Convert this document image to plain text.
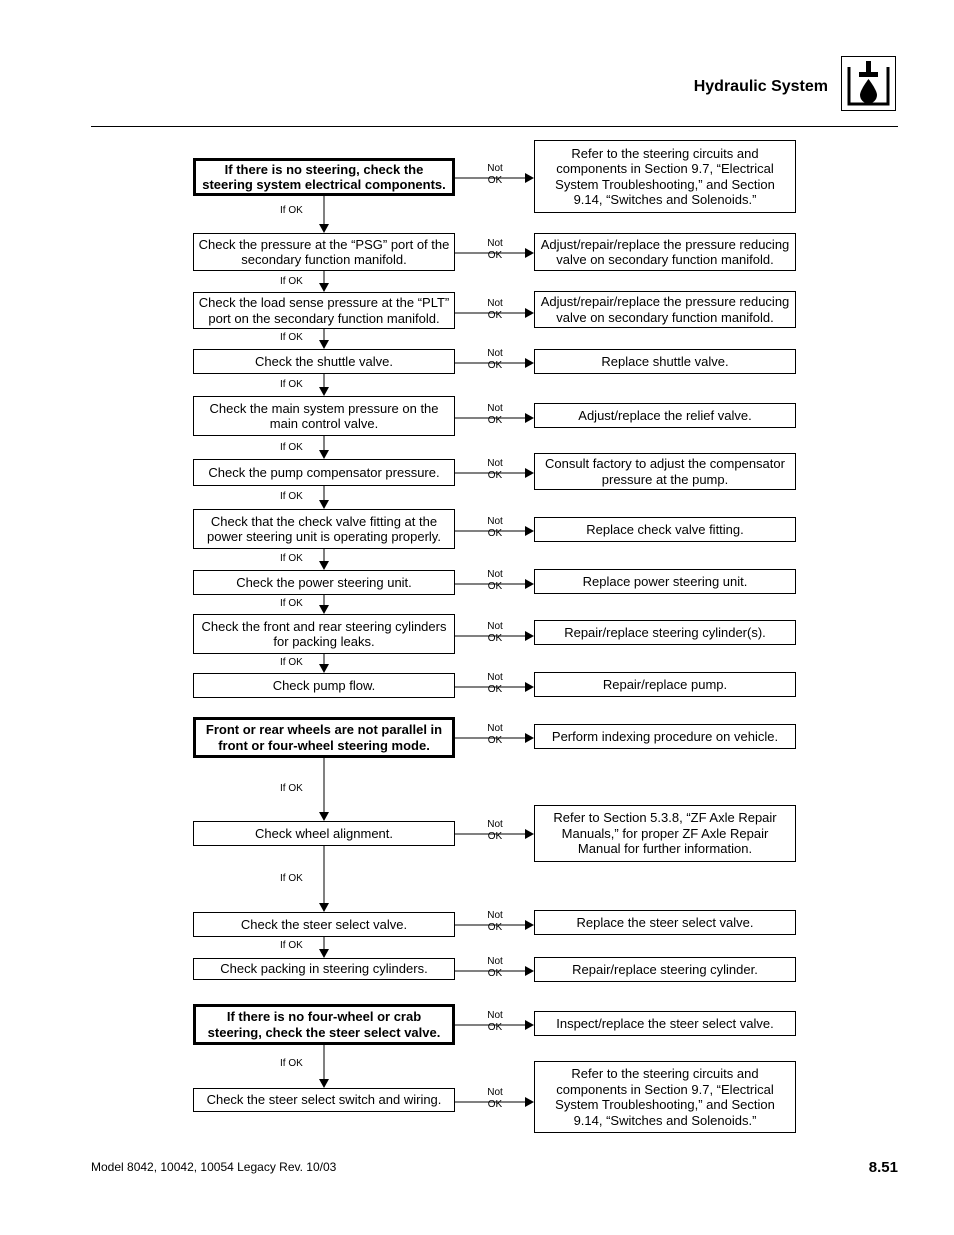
Hydraulic System
If there is no steering, check the steering system electrical components.
Refer to the steering circuits and components in Section 9.7, “Electrical System Troubleshooting,” and Section 9.14, “Switches and Solenoids.”
Not
OK
If OK
Check the pressure at the “PSG” port of the secondary function manifold.
Adjust/repair/replace the pressure reducing valve on secondary function manifold.
Not
OK
If OK
Check the load sense pressure at the “PLT” port on the secondary function manifold.
Adjust/repair/replace the pressure reducing valve on secondary function manifold.
Not
OK
If OK
Check the shuttle valve.	Replace shuttle valve.
Not
OK
If OK
Check the main system pressure on the main control valve.
Adjust/replace the relief valve.
Not
OK
If OK
Check the pump compensator pressure.
Consult factory to adjust the compensator pressure at the pump.
Not
OK
If OK
Check that the check valve fitting at the power steering unit is operating properly.	Replace check valve fitting.
Not
OK
If OK
Check the power steering unit.	Replace power steering unit.
Not
OK
If OK
Check the front and rear steering cylinders for packing leaks.
Repair/replace steering cylinder(s).
Not
OK
If OK
Check pump flow.	Repair/replace pump.
Not
OK
Front or rear wheels are not parallel in front or four-wheel steering mode.
Perform indexing procedure on vehicle.
Not
OK
If OK
Check wheel alignment.
Refer to Section 5.3.8, “ZF Axle Repair Manuals,” for proper ZF Axle Repair Manual for further information.
Not
OK
If OK
Check the steer select valve.	Replace the steer select valve.
Not
OK
If OK
Check packing in steering cylinders.	Repair/replace steering cylinder.
Not
OK
If there is no four-wheel or crab steering, check the steer select valve.
Inspect/replace the steer select valve.
Not
OK
If OK
Check the steer select switch and wiring.
Refer to the steering circuits and components in Section 9.7, “Electrical System Troubleshooting,” and Section 9.14, “Switches and Solenoids.”
Not
OK
Model 8042, 10042, 10054 Legacy Rev. 10/03	8.51
